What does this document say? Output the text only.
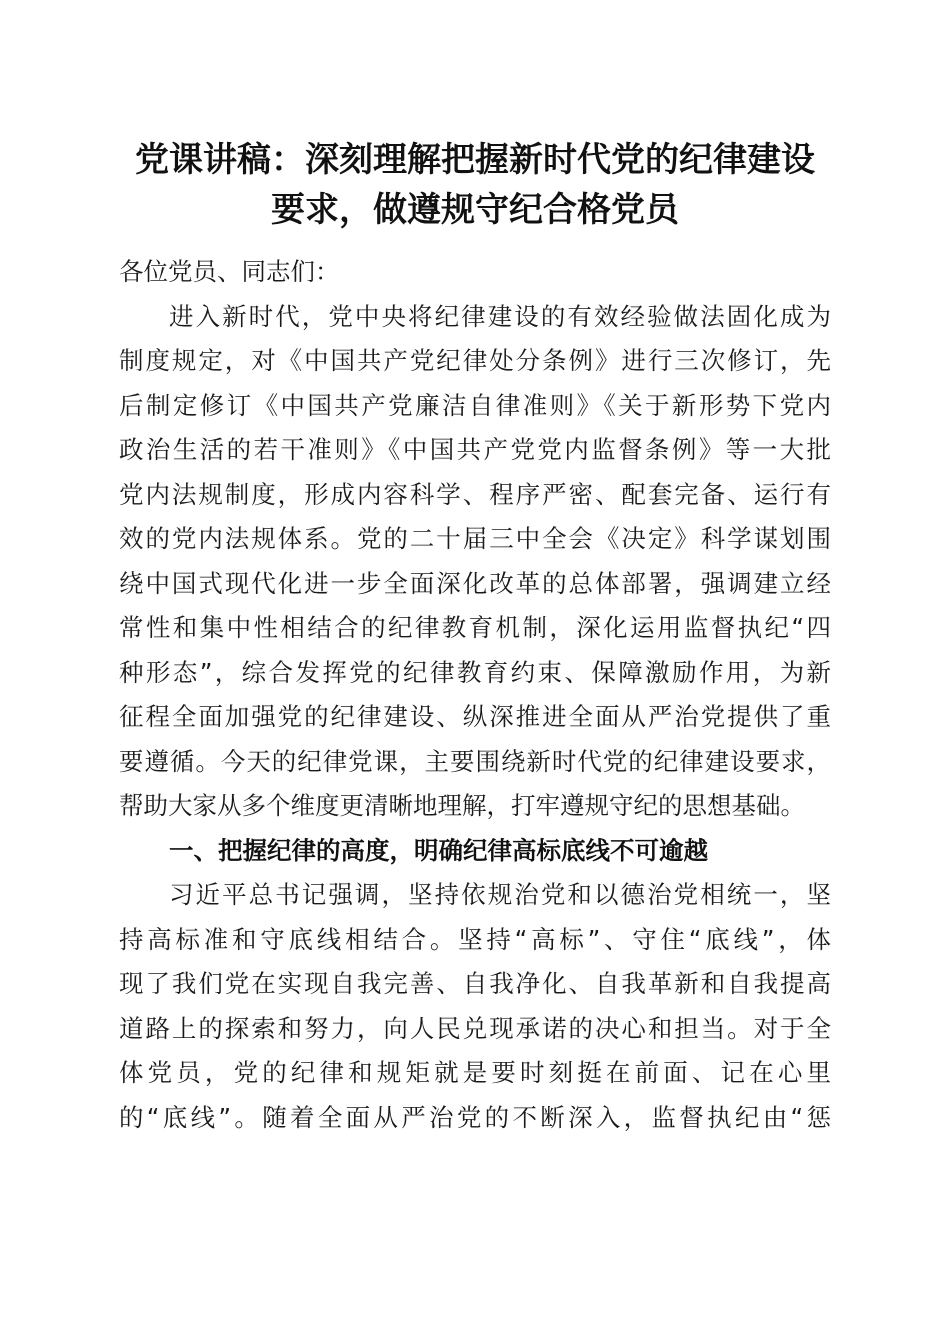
党课讲稿：深刻理解把握新时代党的纪律建设
要求，做遵规守纪合格党员
各位党员、同志们：
进入新时代，党中央将纪律建设的有效经验做法固化成为
制度规定，对《中国共产党纪律处分条例》进行三次修订，先
后制定修订《中国共产党廉洁自律准则》《关于新形势下党内
政治生活的若干准则》《中国共产党党内监督条例》等一大批
党内法规制度，形成内容科学、程序严密、配套完备、运行有
效的党内法规体系。党的二十届三中全会《决定》科学谋划围
绕中国式现代化进一步全面深化改革的总体部署，强调建立经
常性和集中性相结合的纪律教育机制，深化运用监督执纪“四
种形态”，综合发挥党的纪律教育约束、保障激励作用，为新
征程全面加强党的纪律建设、纵深推进全面从严治党提供了重
要遵循。今天的纪律党课，主要围绕新时代党的纪律建设要求，
帮助大家从多个维度更清晰地理解，打牢遵规守纪的思想基础。
一、把握纪律的高度，明确纪律高标底线不可逾越
习近平总书记强调，坚持依规治党和以德治党相统一，坚
持高标准和守底线相结合。坚持“高标”、守住“底线”，体
现了我们党在实现自我完善、自我净化、自我革新和自我提高
道路上的探索和努力，向人民兑现承诺的决心和担当。对于全
体党员，党的纪律和规矩就是要时刻挺在前面、记在心里
的“底线”。随着全面从严治党的不断深入，监督执纪由“惩
